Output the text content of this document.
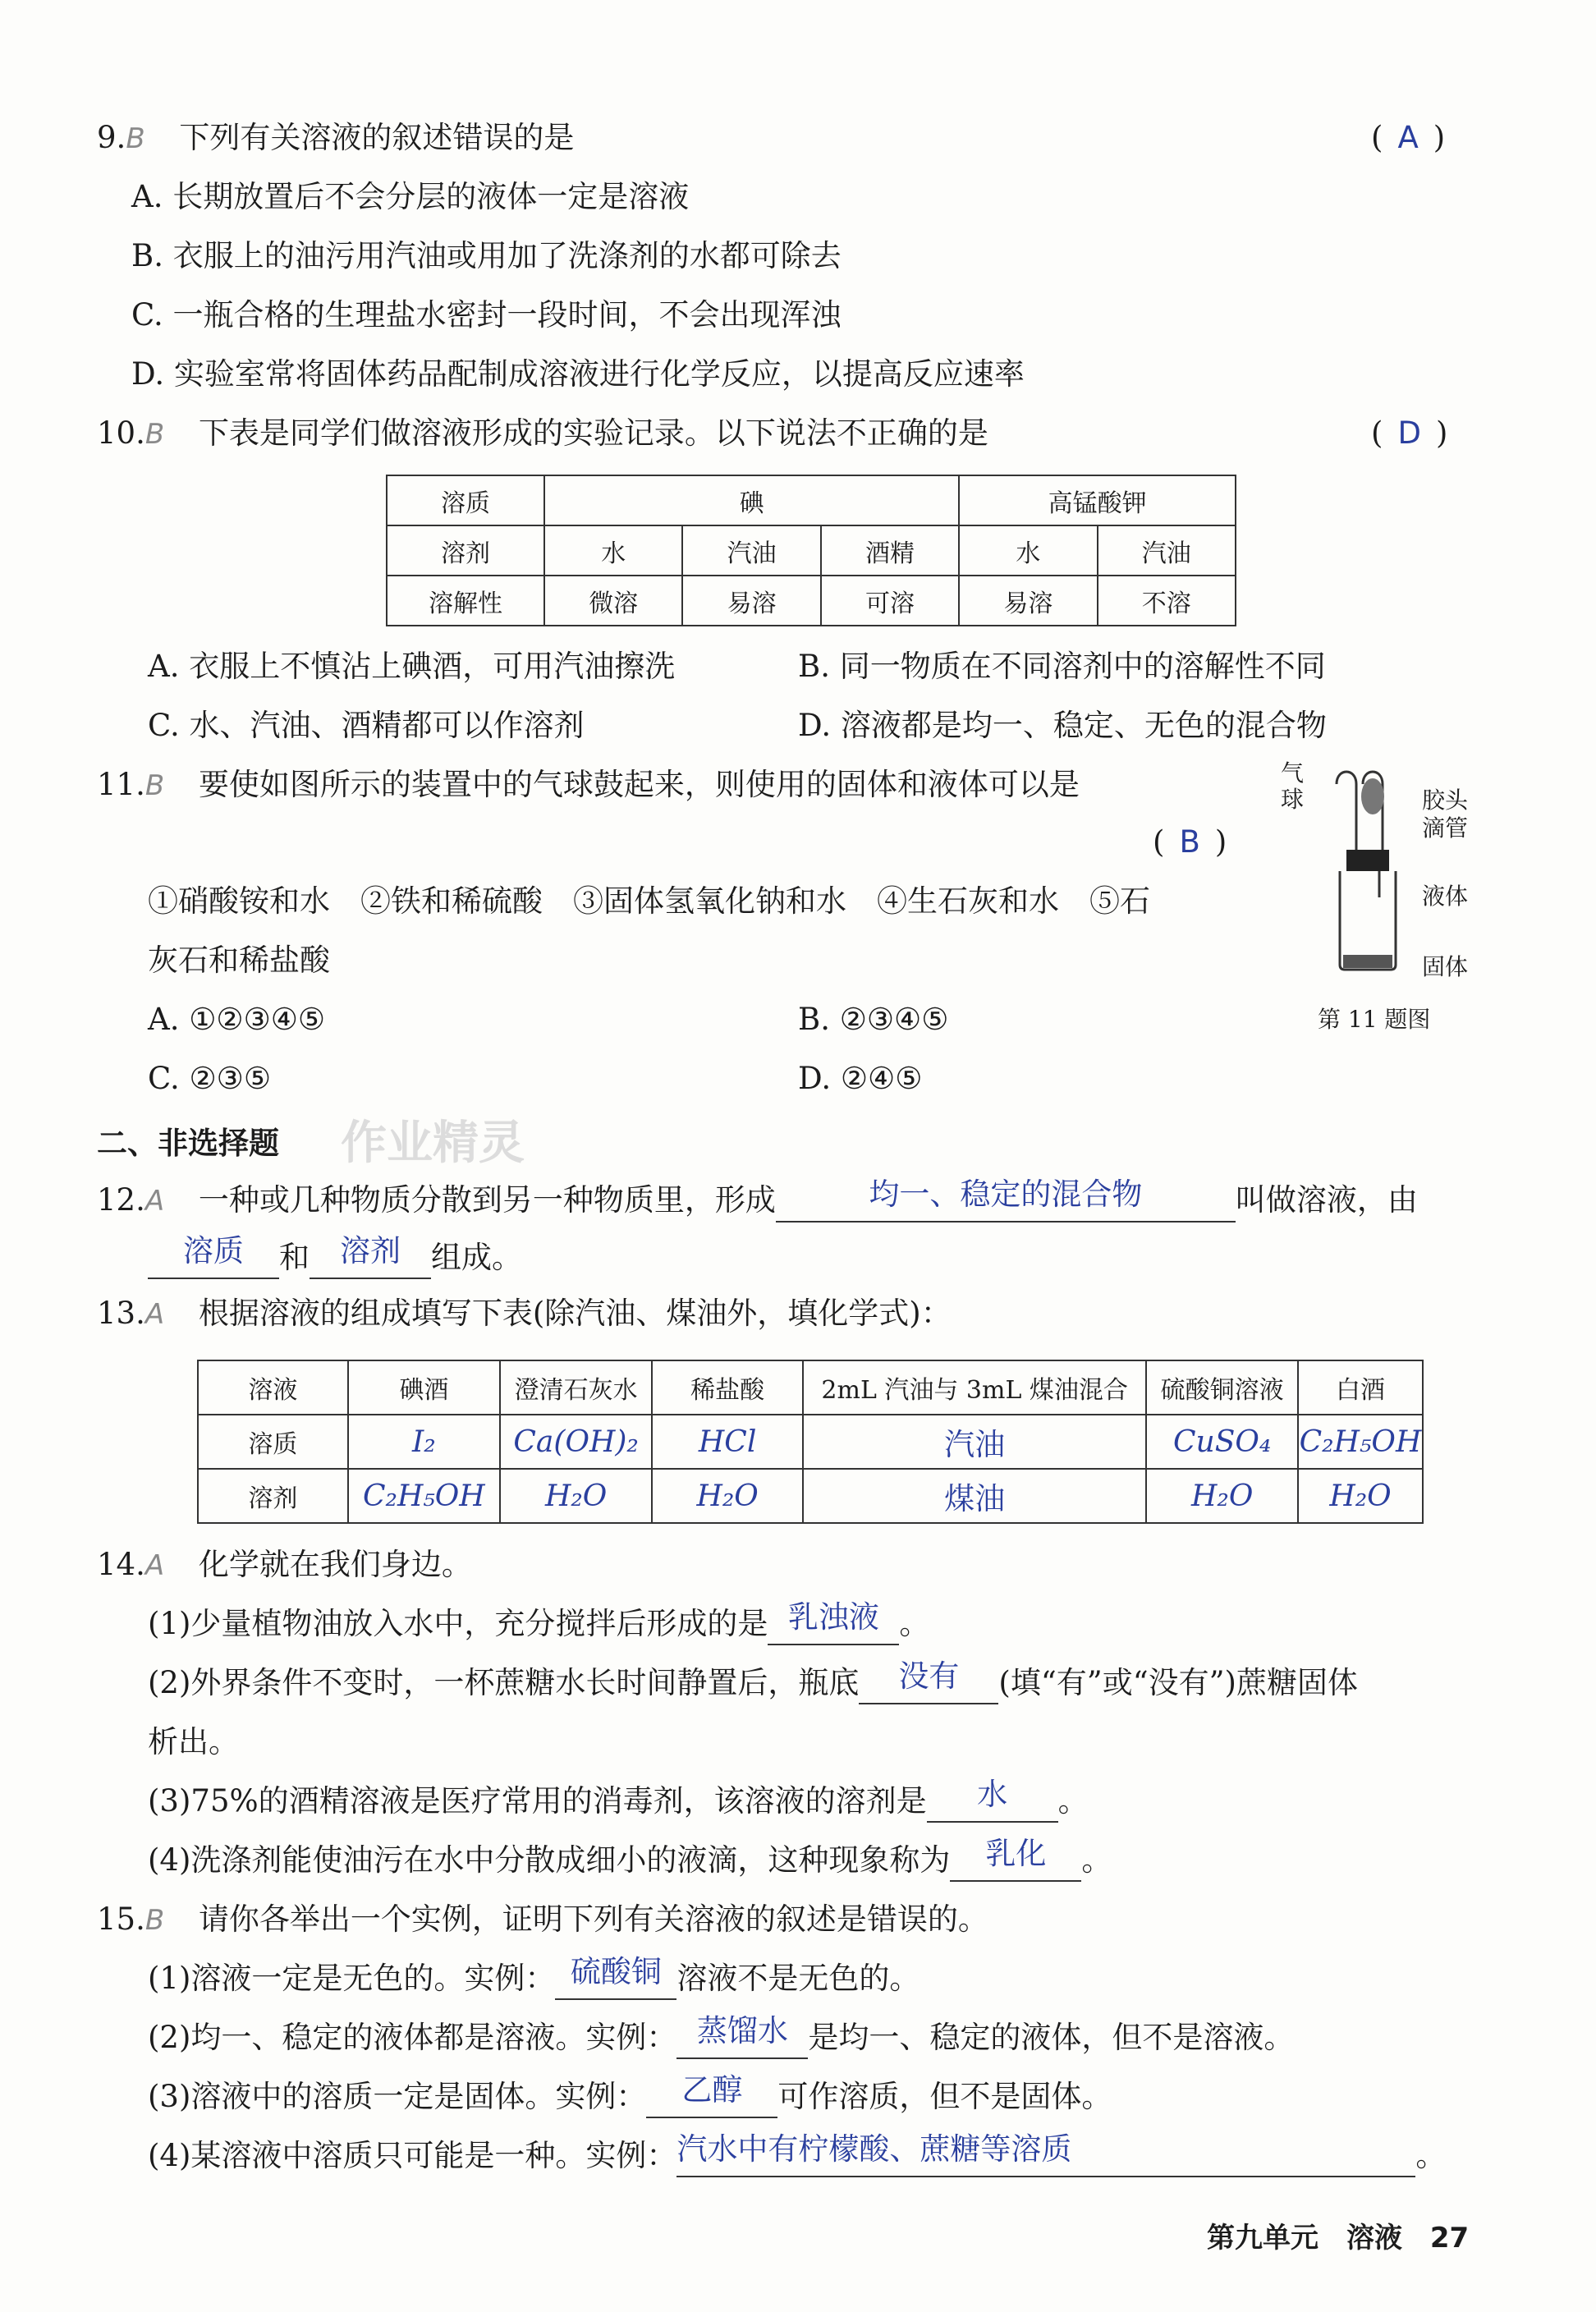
9.B 下列有关溶液的叙述错误的是	( A )
A. 长期放置后不会分层的液体一定是溶液
B. 衣服上的油污用汽油或用加了洗涤剂的水都可除去
C. 一瓶合格的生理盐水密封一段时间，不会出现浑浊
D. 实验室常将固体药品配制成溶液进行化学反应，以提高反应速率
10.B 下表是同学们做溶液形成的实验记录。以下说法不正确的是	( D )
溶质	碘			高锰酸钾	
溶剂	水	汽油	酒精	水	汽油
溶解性	微溶	易溶	可溶	易溶	不溶
A. 衣服上不慎沾上碘酒，可用汽油擦洗	B. 同一物质在不同溶剂中的溶解性不同
C. 水、汽油、酒精都可以作溶剂	D. 溶液都是均一、稳定、无色的混合物
11.B 要使如图所示的装置中的气球鼓起来，则使用的固体和液体可以是
( B )
①硝酸铵和水　②铁和稀硫酸　③固体氢氧化钠和水　④生石灰和水　⑤石
灰石和稀盐酸
A. ①②③④⑤	B. ②③④⑤
C. ②③⑤	D. ②④⑤
气
球	胶头
滴管
液体
固体
第 11 题图
二、非选择题 作业精灵
12.A 一种或几种物质分散到另一种物质里，形成	均一、稳定的混合物	叫做溶液，由
溶质	和	溶剂	组成。
13.A 根据溶液的组成填写下表(除汽油、煤油外，填化学式)：
溶液	碘酒	澄清石灰水	稀盐酸	2mL 汽油与 3mL 煤油混合	硫酸铜溶液	白酒
溶质	I₂	Ca(OH)₂	HCl	汽油	CuSO₄	C₂H₅OH
溶剂	C₂H₅OH	H₂O	H₂O	煤油	H₂O	H₂O
14.A 化学就在我们身边。
(1)少量植物油放入水中，充分搅拌后形成的是 乳浊液 。
(2)外界条件不变时，一杯蔗糖水长时间静置后，瓶底	没有	(填“有”或“没有”)蔗糖固体
析出。
(3)75%的酒精溶液是医疗常用的消毒剂，该溶液的溶剂是	水	。
(4)洗涤剂能使油污在水中分散成细小的液滴，这种现象称为	乳化	。
15.B 请你各举出一个实例，证明下列有关溶液的叙述是错误的。
(1)溶液一定是无色的。实例： 硫酸铜 溶液不是无色的。
(2)均一、稳定的液体都是溶液。实例： 蒸馏水 是均一、稳定的液体，但不是溶液。
(3)溶液中的溶质一定是固体。实例：	乙醇	可作溶质，但不是固体。
(4)某溶液中溶质只可能是一种。实例： 汽水中有柠檬酸、蔗糖等溶质	。
第九单元　溶液 27
